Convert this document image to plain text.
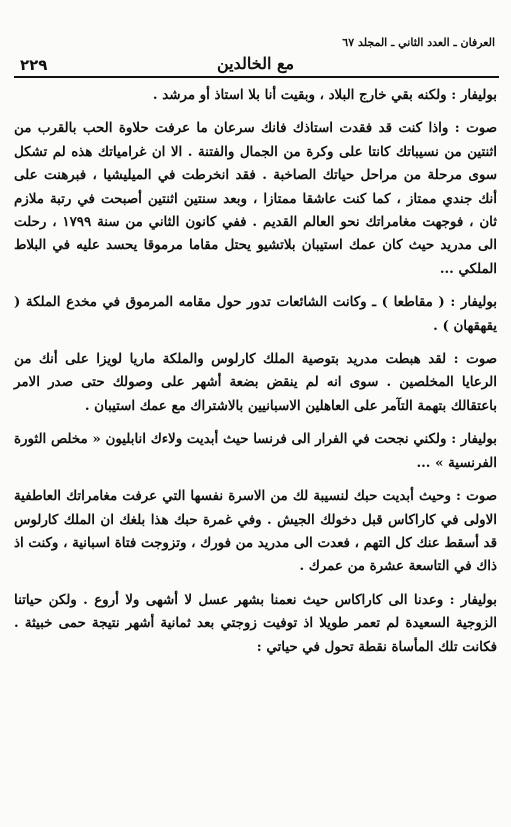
العرفان ـ العدد الثاني ـ المجلد ٦٧
مع الخالدين
٢٢٩

بوليفار : ولكنه بقي خارج البلاد ، وبقيت أنا بلا استاذ أو مرشد .

صوت : واذا كنت قد فقدت استاذك فانك سرعان ما عرفت حلاوة الحب بالقرب من اثنتين من نسيباتك كانتا على وكرة من الجمال والفتنة . الا ان غرامياتك هذه لم تشكل سوى مرحلة من مراحل حياتك الصاخبة . فقد انخرطت في الميليشيا ، فبرهنت على أنك جندي ممتاز ، كما كنت عاشقا ممتازا ، وبعد سنتين اثنتين أصبحت في رتبة ملازم ثان ، فوجهت مغامراتك نحو العالم القديم . ففي كانون الثاني من سنة ١٧٩٩ ، رحلت الى مدريد حيث كان عمك استيبان بلاتشيو يحتل مقاما مرموقا يحسد عليه في البلاط الملكي ...

بوليفار : ( مقاطعا ) ـ وكانت الشائعات تدور حول مقامه المرموق في مخدع الملكة ( يقهقهان ) .

صوت : لقد هبطت مدريد بتوصية الملك كارلوس والملكة ماريا لويزا على أنك من الرعايا المخلصين . سوى انه لم ينقض بضعة أشهر على وصولك حتى صدر الامر باعتقالك بتهمة التآمر على العاهلين الاسبانيين بالاشتراك مع عمك استيبان .

بوليفار : ولكني نجحت في الفرار الى فرنسا حيث أبديت ولاءك انابليون « مخلص الثورة الفرنسية » ...

صوت : وحيث أبديت حبك لنسيبة لك من الاسرة نفسها التي عرفت مغامراتك العاطفية الاولى في كاراكاس قبل دخولك الجيش . وفي غمرة حبك هذا بلغك ان الملك كارلوس قد أسقط عنك كل التهم ، فعدت الى مدريد من فورك ، وتزوجت فتاة اسبانية ، وكنت اذ ذاك في التاسعة عشرة من عمرك .

بوليفار : وعدنا الى كاراكاس حيث نعمنا بشهر عسل لا أشهى ولا أروع . ولكن حياتنا الزوجية السعيدة لم تعمر طويلا اذ توفيت زوجتي بعد ثمانية أشهر نتيجة حمى خبيثة . فكانت تلك المأساة نقطة تحول في حياتي :
